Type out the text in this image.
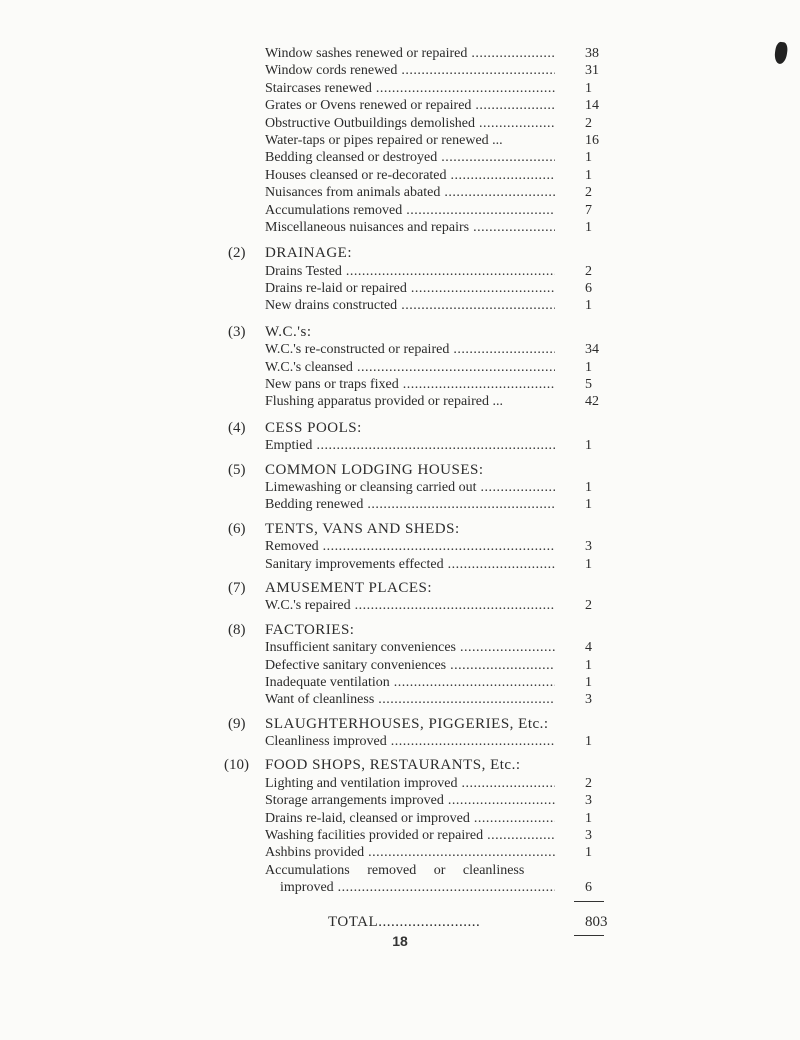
Window sashes renewed or repaired .....	38
Window cords renewed .....	31
Staircases renewed .....	1
Grates or Ovens renewed or repaired .....	14
Obstructive Outbuildings demolished .....	2
Water-taps or pipes repaired or renewed ...	16
Bedding cleansed or destroyed .....	1
Houses cleansed or re-decorated .....	1
Nuisances from animals abated .....	2
Accumulations removed .....	7
Miscellaneous nuisances and repairs .....	1
(2) DRAINAGE:
Drains Tested .....	2
Drains re-laid or repaired .....	6
New drains constructed .....	1
(3) W.C.'s:
W.C.'s re-constructed or repaired .....	34
W.C.'s cleansed .....	1
New pans or traps fixed .....	5
Flushing apparatus provided or repaired ...	42
(4) CESS POOLS:
Emptied .....	1
(5) COMMON LODGING HOUSES:
Limewashing or cleansing carried out .....	1
Bedding renewed .....	1
(6) TENTS, VANS AND SHEDS:
Removed .....	3
Sanitary improvements effected .....	1
(7) AMUSEMENT PLACES:
W.C.'s repaired .....	2
(8) FACTORIES:
Insufficient sanitary conveniences .....	4
Defective sanitary conveniences .....	1
Inadequate ventilation .....	1
Want of cleanliness .....	3
(9) SLAUGHTERHOUSES, PIGGERIES, Etc.:
Cleanliness improved .....	1
(10) FOOD SHOPS, RESTAURANTS, Etc.:
Lighting and ventilation improved .....	2
Storage arrangements improved .....	3
Drains re-laid, cleansed or improved .....	1
Washing facilities provided or repaired .....	3
Ashbins provided .....	1
Accumulations removed or cleanliness
improved .....	6
TOTAL .....	803
18
